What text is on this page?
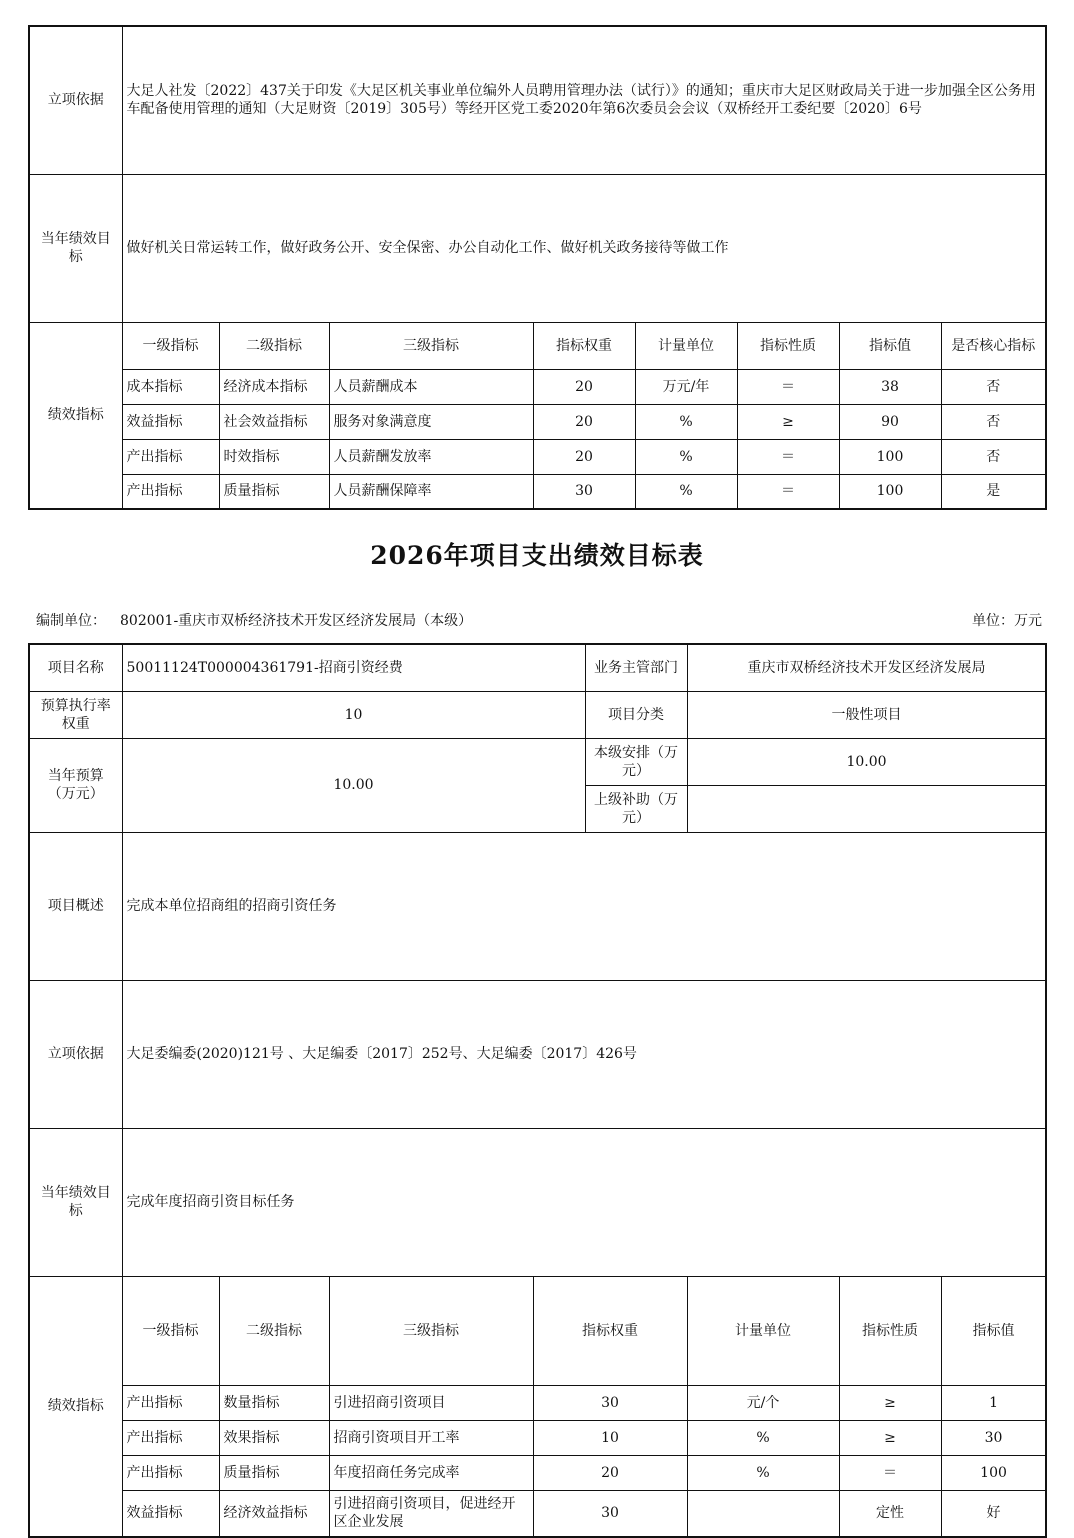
立项依据	大足人社发〔2022〕437关于印发《大足区机关事业单位编外人员聘用管理办法（试行）》的通知；重庆市大足区财政局关于进一步加强全区公务用车配备使用管理的通知（大足财资〔2019〕305号）等经开区党工委2020年第6次委员会会议（双桥经开工委纪要〔2020〕6号							
当年绩效目标	做好机关日常运转工作，做好政务公开、安全保密、办公自动化工作、做好机关政务接待等做工作							
绩效指标	一级指标	二级指标	三级指标	指标权重	计量单位	指标性质	指标值	是否核心指标
	成本指标	经济成本指标	人员薪酬成本	20	万元/年	＝	38	否
	效益指标	社会效益指标	服务对象满意度	20	%	≥	90	否
	产出指标	时效指标	人员薪酬发放率	20	%	＝	100	否
	产出指标	质量指标	人员薪酬保障率	30	%	＝	100	是
2026年项目支出绩效目标表
编制单位： 802001-重庆市双桥经济技术开发区经济发展局（本级）	单位：万元
项目名称	50011124T000004361791-招商引资经费				业务主管部门	重庆市双桥经济技术开发区经济发展局			
预算执行率权重	10				项目分类	一般性项目			
当年预算（万元）	10.00				本级安排（万元）	10.00			
					上级补助（万元）				
项目概述	完成本单位招商组的招商引资任务								
立项依据	大足委编委(2020)121号 、大足编委〔2017〕252号、大足编委〔2017〕426号								
当年绩效目标	完成年度招商引资目标任务								
绩效指标	一级指标	二级指标	三级指标	指标权重		计量单位	指标性质	指标值	
	产出指标	数量指标	引进招商引资项目	30		元/个	≥	1	
	产出指标	效果指标	招商引资项目开工率	10		%	≥	30	
	产出指标	质量指标	年度招商任务完成率	20		%	＝	100	
	效益指标	经济效益指标	引进招商引资项目，促进经开区企业发展	30			定性	好	
